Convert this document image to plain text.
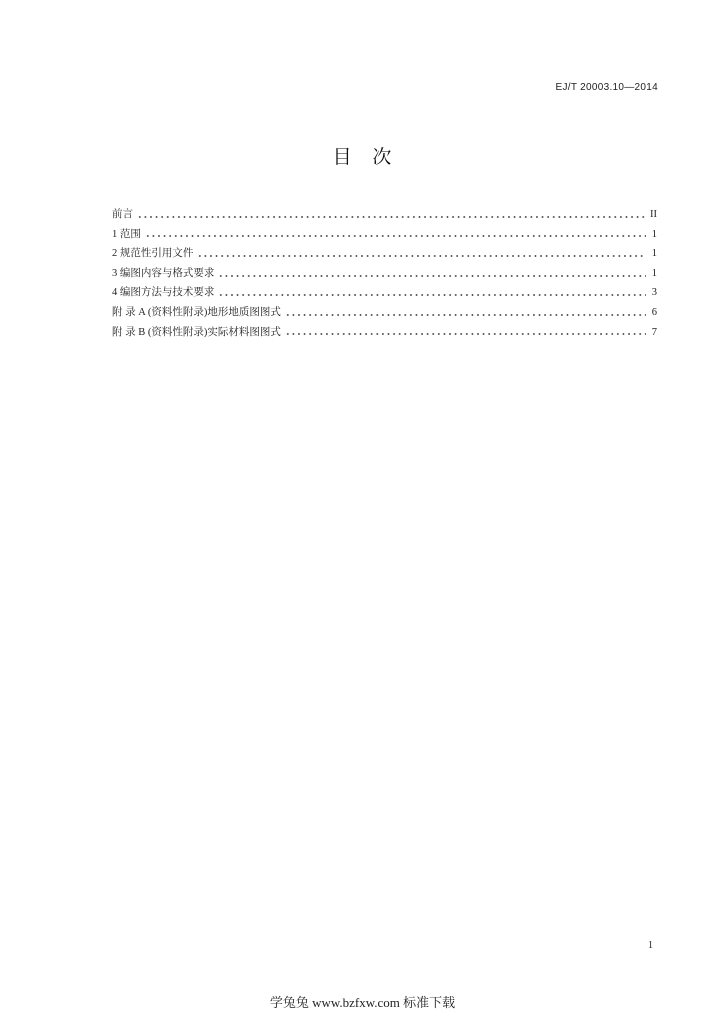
EJ/T 20003.10—2014
目 次
前言	II
1 范围	1
2 规范性引用文件	1
3 编图内容与格式要求	1
4 编图方法与技术要求	3
附 录 A (资料性附录)地形地质图图式	6
附 录 B (资料性附录)实际材料图图式	7
1
学兔兔 www.bzfxw.com 标准下载
